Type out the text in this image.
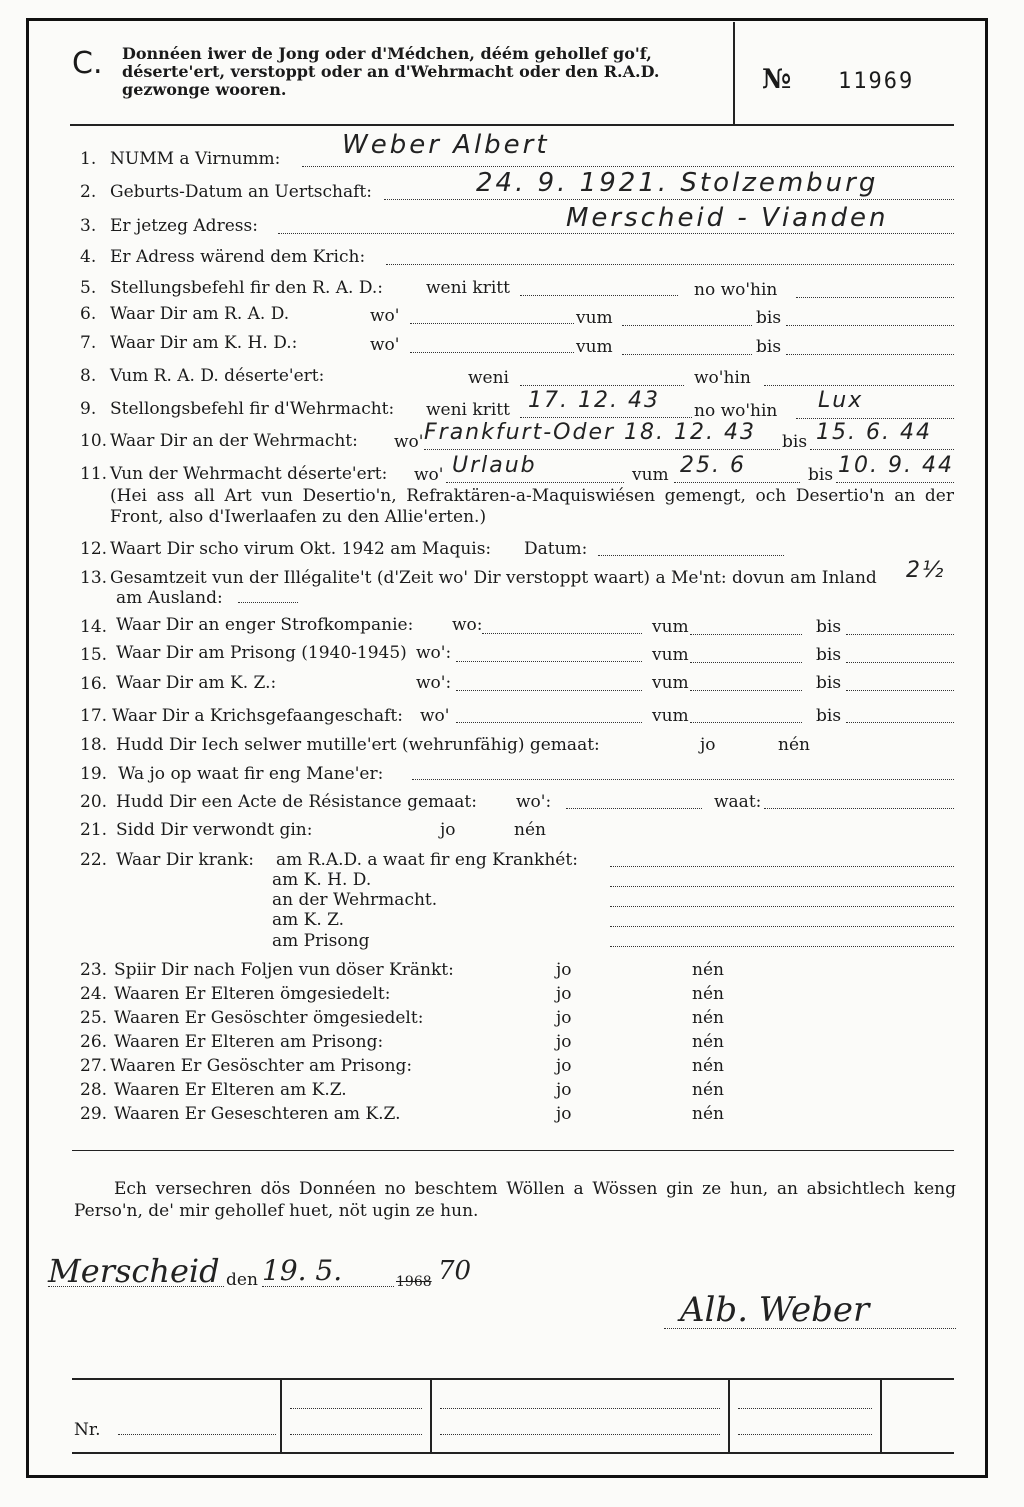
C. Donnéen iwer de Jong oder d'Médchen, déém gehollef go'f, déserte'ert, verstoppt oder an d'Wehrmacht oder den R.A.D. gezwonge wooren.	№ 11969
1. NUMM a Virnumm: Weber Albert
2. Geburts-Datum an Uertschaft:	24. 9. 1921. Stolzemburg
3. Er jetzeg Adress:	Merscheid - Vianden
4. Er Adress wärend dem Krich:
5. Stellungsbefehl fir den R. A. D.:	weni kritt	no wo'hin
6. Waar Dir am R. A. D.	wo'	vum	bis
7. Waar Dir am K. H. D.:	wo'	vum	bis
8. Vum R. A. D. déserte'ert:	weni	wo'hin
9. Stellongsbefehl fir d'Wehrmacht: weni kritt 17. 12. 43 no wo'hin Lux
10. Waar Dir an der Wehrmacht: wo' Frankfurt-Oder 18. 12. 43 bis 15. 6. 44
11. Vun der Wehrmacht déserte'ert: wo' Urlaub	vum 25. 6	bis 10. 9. 44
(Hei ass all Art vun Desertio'n, Refraktären-a-Maquiswiésen gemengt, och Desertio'n an der Front, also d'Iwerlaafen zu den Allie'erten.)
12. Waart Dir scho virum Okt. 1942 am Maquis: Datum:
13. Gesamtzeit vun der Illégalite't (d'Zeit wo' Dir verstoppt waart) a Me'nt: dovun am Inland	2½
am Ausland:
14. Waar Dir an enger Strofkompanie: wo:	vum	bis
15. Waar Dir am Prisong (1940-1945) wo':	vum	bis
16. Waar Dir am K. Z.:	wo':	vum	bis
17. Waar Dir a Krichsgefaangeschaft: wo'	vum	bis
18. Hudd Dir Iech selwer mutille'ert (wehrunfähig) gemaat:	jo	nén
19. Wa jo op waat fir eng Mane'er:
20. Hudd Dir een Acte de Résistance gemaat: wo':	waat:
21. Sidd Dir verwondt gin:	jo	nén
22. Waar Dir krank: am R.A.D. a waat fir eng Krankhét:
am K. H. D.
an der Wehrmacht.
am K. Z.
am Prisong
23. Spiir Dir nach Foljen vun döser Kränkt:	jo	nén
24. Waaren Er Elteren ömgesiedelt:	jo	nén
25. Waaren Er Gesöschter ömgesiedelt:	jo	nén
26. Waaren Er Elteren am Prisong:	jo	nén
27. Waaren Er Gesöschter am Prisong:	jo	nén
28. Waaren Er Elteren am K.Z.	jo	nén
29. Waaren Er Geseschteren am K.Z.	jo	nén
Ech versechren dös Donnéen no beschtem Wöllen a Wössen gin ze hun, an absichtlech keng Perso'n, de' mir gehollef huet, nöt ugin ze hun.
Merscheid den 19. 5.	1968 70
Alb. Weber
Nr.
